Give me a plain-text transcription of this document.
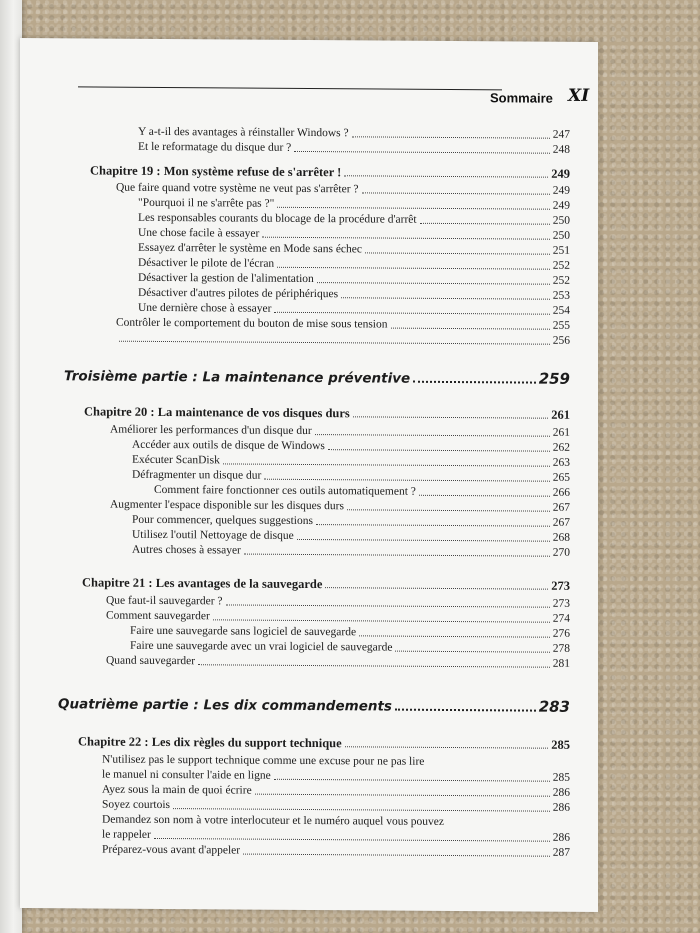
Sommaire XI
Y a-t-il des avantages à réinstaller Windows ?	247
Et le reformatage du disque dur ?	248
Chapitre 19 : Mon système refuse de s'arrêter !	249
Que faire quand votre système ne veut pas s'arrêter ?	249
"Pourquoi il ne s'arrête pas ?"	249
Les responsables courants du blocage de la procédure d'arrêt	250
Une chose facile à essayer	250
Essayez d'arrêter le système en Mode sans échec	251
Désactiver le pilote de l'écran	252
Désactiver la gestion de l'alimentation	252
Désactiver d'autres pilotes de périphériques	253
Une dernière chose à essayer	254
Contrôler le comportement du bouton de mise sous tension	255
256
Troisième partie : La maintenance préventive	259
Chapitre 20 : La maintenance de vos disques durs	261
Améliorer les performances d'un disque dur	261
Accéder aux outils de disque de Windows	262
Exécuter ScanDisk	263
Défragmenter un disque dur	265
Comment faire fonctionner ces outils automatiquement ?	266
Augmenter l'espace disponible sur les disques durs	267
Pour commencer, quelques suggestions	267
Utilisez l'outil Nettoyage de disque	268
Autres choses à essayer	270
Chapitre 21 : Les avantages de la sauvegarde	273
Que faut-il sauvegarder ?	273
Comment sauvegarder	274
Faire une sauvegarde sans logiciel de sauvegarde	276
Faire une sauvegarde avec un vrai logiciel de sauvegarde	278
Quand sauvegarder	281
Quatrième partie : Les dix commandements	283
Chapitre 22 : Les dix règles du support technique	285
N'utilisez pas le support technique comme une excuse pour ne pas lire
le manuel ni consulter l'aide en ligne	285
Ayez sous la main de quoi écrire	286
Soyez courtois	286
Demandez son nom à votre interlocuteur et le numéro auquel vous pouvez
le rappeler	286
Préparez-vous avant d'appeler	287
